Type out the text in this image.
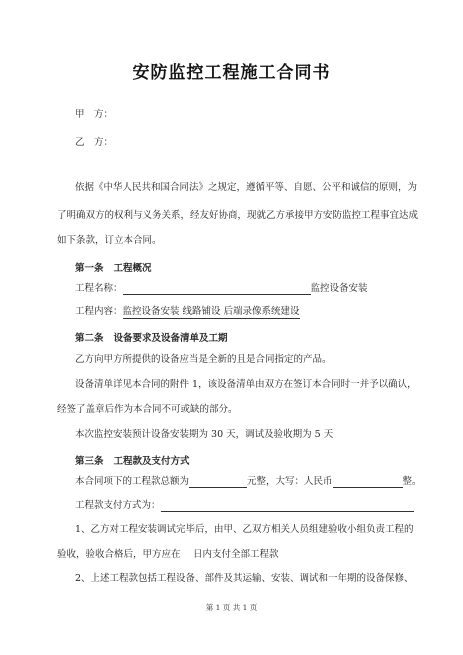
安防监控工程施工合同书
甲　方：
乙　方：
依据《中华人民共和国合同法》之规定，遵循平等、自愿、公平和诚信的原则，为
了明确双方的权利与义务关系，经友好协商，现就乙方承接甲方安防监控工程事宜达成
如下条款，订立本合同。
第一条 工程概况
工程名称：	监控设备安装
工程内容：监控设备安装 线路铺设 后端录像系统建设
第二条 设备要求及设备清单及工期
乙方向甲方所提供的设备应当是全新的且是合同指定的产品。
设备清单详见本合同的附件 1，该设备清单由双方在签订本合同时一并予以确认，
经签了盖章后作为本合同不可或缺的部分。
本次监控安装预计设备安装期为 30 天，调试及验收期为 5 天
第三条 工程款及支付方式
本合同项下的工程款总额为	元整，大写：人民币	整。
工程款支付方式为：
1、乙方对工程安装调试完毕后，由甲、乙双方相关人员组建验收小组负责工程的
验收，验收合格后，甲方应在　 日内支付全部工程款
2、上述工程款包括工程设备、部件及其运输、安装、调试和一年期的设备保修、
第 1 页 共 1 页
